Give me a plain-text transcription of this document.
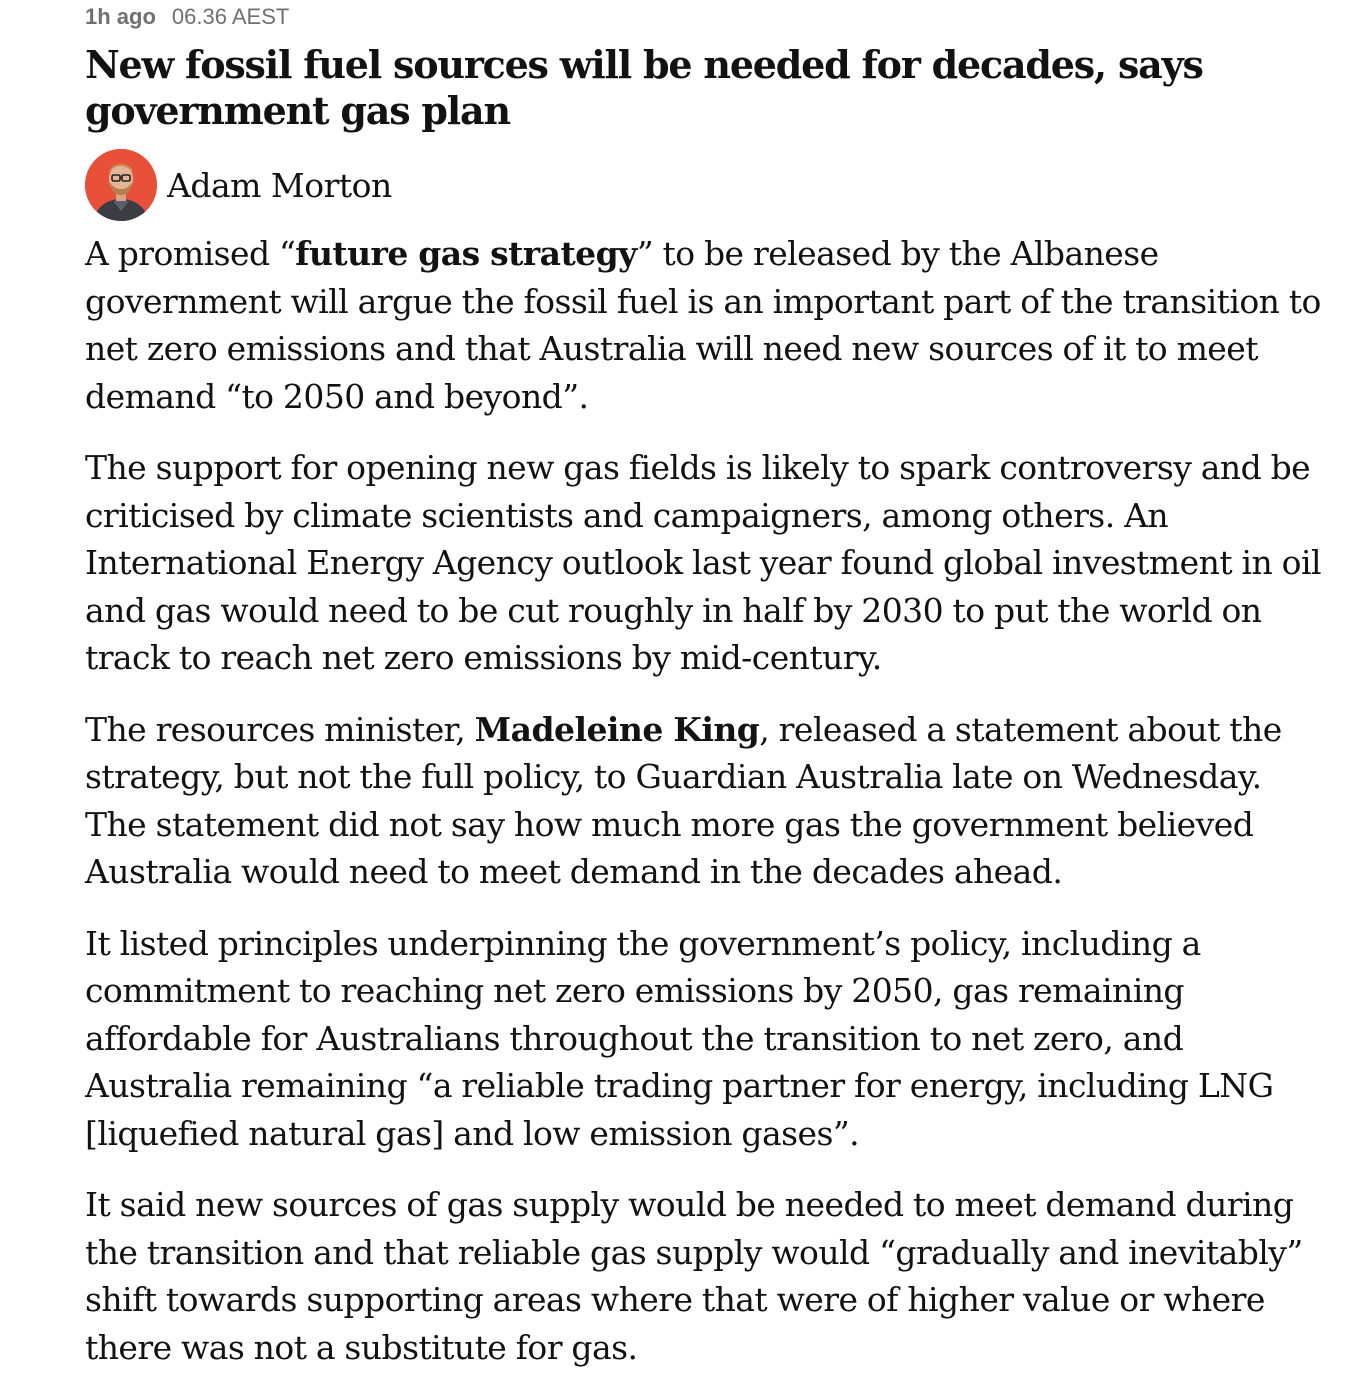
1h ago 06.36 AEST
New fossil fuel sources will be needed for decades, says government gas plan
Adam Morton

A promised “future gas strategy” to be released by the Albanese government will argue the fossil fuel is an important part of the transition to net zero emissions and that Australia will need new sources of it to meet demand “to 2050 and beyond”.

The support for opening new gas fields is likely to spark controversy and be criticised by climate scientists and campaigners, among others. An International Energy Agency outlook last year found global investment in oil and gas would need to be cut roughly in half by 2030 to put the world on track to reach net zero emissions by mid-century.

The resources minister, Madeleine King, released a statement about the strategy, but not the full policy, to Guardian Australia late on Wednesday. The statement did not say how much more gas the government believed Australia would need to meet demand in the decades ahead.

It listed principles underpinning the government’s policy, including a commitment to reaching net zero emissions by 2050, gas remaining affordable for Australians throughout the transition to net zero, and Australia remaining “a reliable trading partner for energy, including LNG [liquefied natural gas] and low emission gases”.

It said new sources of gas supply would be needed to meet demand during the transition and that reliable gas supply would “gradually and inevitably” shift towards supporting areas where that were of higher value or where there was not a substitute for gas.
